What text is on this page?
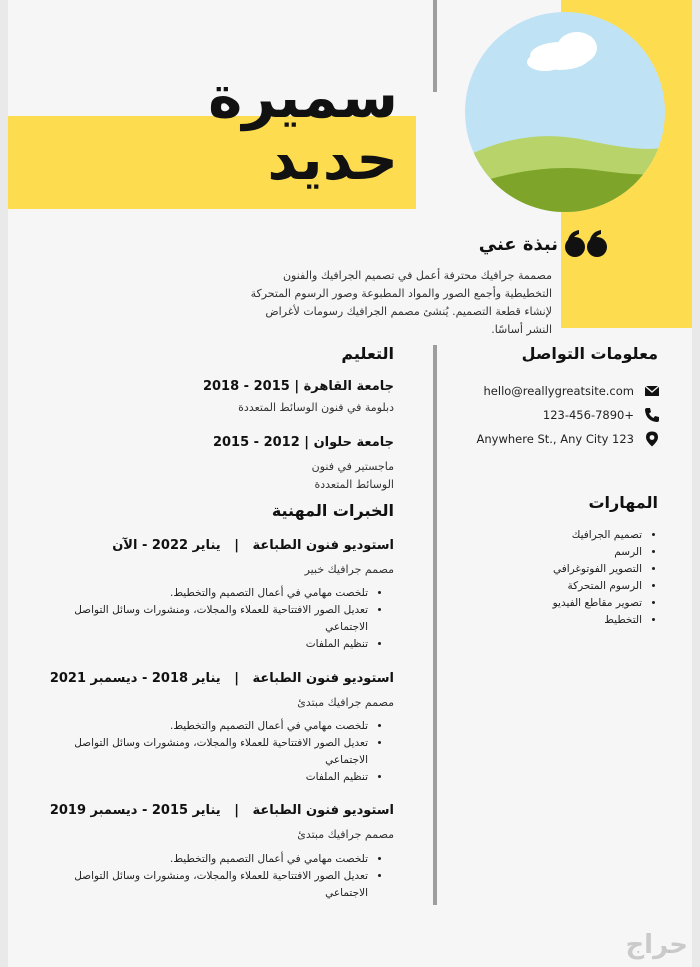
سميرة
حديد
نبذة عني
مصممة جرافيك محترفة أعمل في تصميم الجرافيك والفنون التخطيطية وأجمع الصور والمواد المطبوعة وصور الرسوم المتحركة لإنشاء قطعة التصميم. يُنشئ مصمم الجرافيك رسومات لأغراض النشر أساسًا.
معلومات التواصل
hello@reallygreatsite.com
+123-456-7890
123 Anywhere St., Any City
المهارات
• تصميم الجرافيك
• الرسم
• التصوير الفوتوغرافي
• الرسوم المتحركة
• تصوير مقاطع الفيديو
• التخطيط
التعليم
جامعة القاهرة | 2015 - 2018
دبلومة في فنون الوسائط المتعددة
جامعة حلوان | 2012 - 2015
ماجستير في فنون الوسائط المتعددة
الخبرات المهنية
استوديو فنون الطباعة   |   يناير 2022 - الآن
مصمم جرافيك خبير
• تلخصت مهامي في أعمال التصميم والتخطيط.
• تعديل الصور الافتتاحية للعملاء والمجلات، ومنشورات وسائل التواصل الاجتماعي
• تنظيم الملفات
استوديو فنون الطباعة   |   يناير 2018 - ديسمبر 2021
مصمم جرافيك مبتدئ
• تلخصت مهامي في أعمال التصميم والتخطيط.
• تعديل الصور الافتتاحية للعملاء والمجلات، ومنشورات وسائل التواصل الاجتماعي
• تنظيم الملفات
استوديو فنون الطباعة   |   يناير 2015 - ديسمبر 2019
مصمم جرافيك مبتدئ
• تلخصت مهامي في أعمال التصميم والتخطيط.
• تعديل الصور الافتتاحية للعملاء والمجلات، ومنشورات وسائل التواصل الاجتماعي
حراج
